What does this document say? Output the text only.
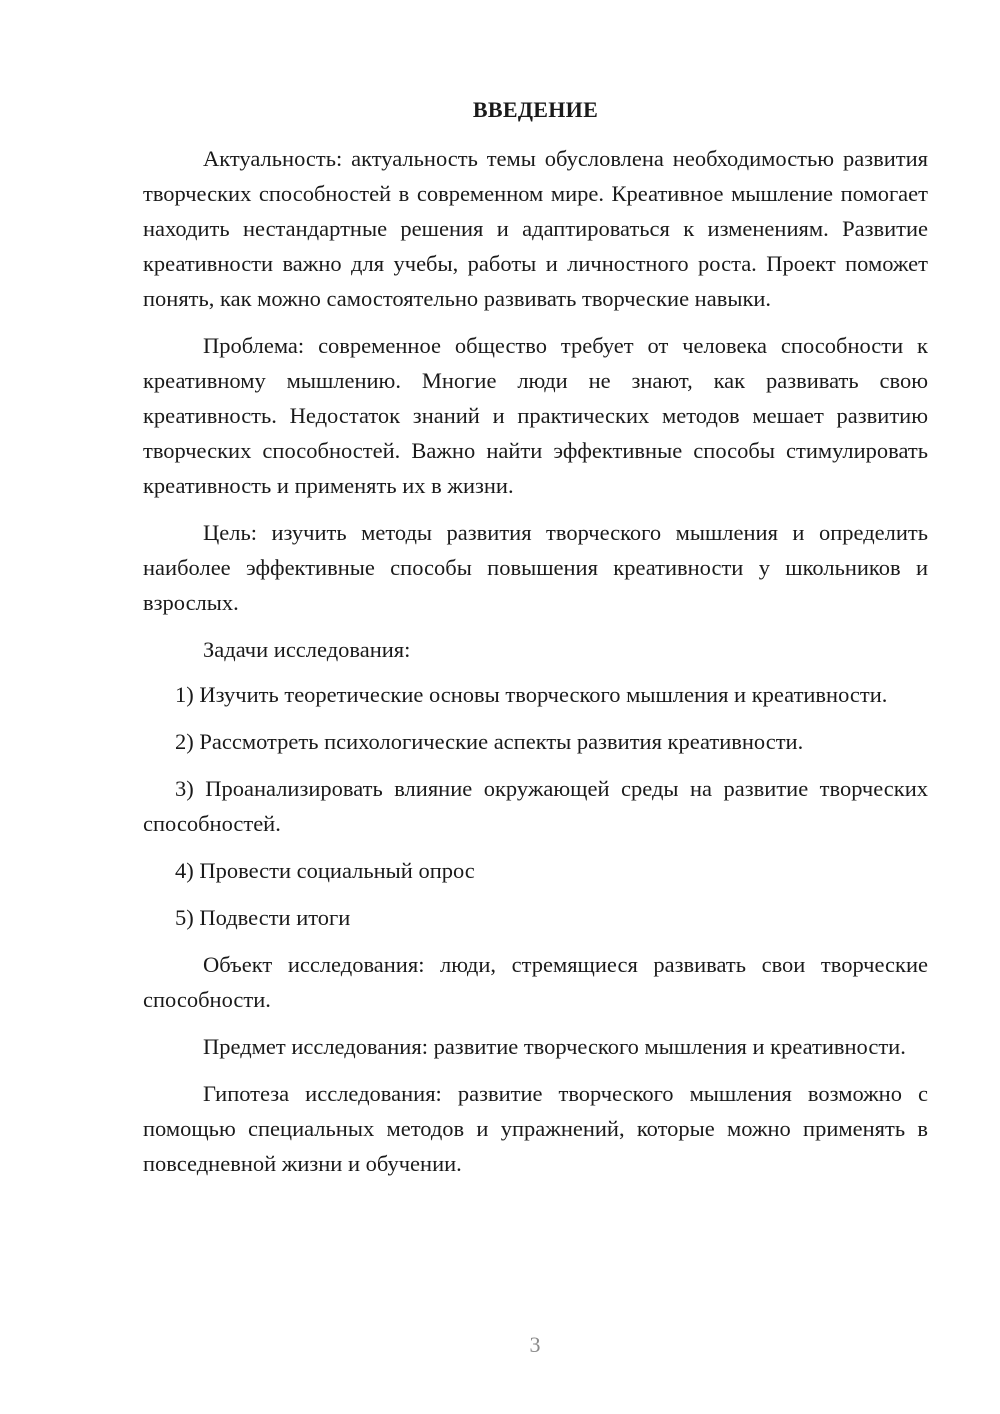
ВВЕДЕНИЕ

Актуальность: актуальность темы обусловлена необходимостью развития творческих способностей в современном мире. Креативное мышление помогает находить нестандартные решения и адаптироваться к изменениям. Развитие креативности важно для учебы, работы и личностного роста. Проект поможет понять, как можно самостоятельно развивать творческие навыки.

Проблема: современное общество требует от человека способности к креативному мышлению. Многие люди не знают, как развивать свою креативность. Недостаток знаний и практических методов мешает развитию творческих способностей. Важно найти эффективные способы стимулировать креативность и применять их в жизни.

Цель: изучить методы развития творческого мышления и определить наиболее эффективные способы повышения креативности у школьников и взрослых.

Задачи исследования:

1) Изучить теоретические основы творческого мышления и креативности.

2) Рассмотреть психологические аспекты развития креативности.

3) Проанализировать влияние окружающей среды на развитие творческих способностей.

4) Провести социальный опрос

5) Подвести итоги

Объект исследования: люди, стремящиеся развивать свои творческие способности.

Предмет исследования: развитие творческого мышления и креативности.

Гипотеза исследования: развитие творческого мышления возможно с помощью специальных методов и упражнений, которые можно применять в повседневной жизни и обучении.

3
